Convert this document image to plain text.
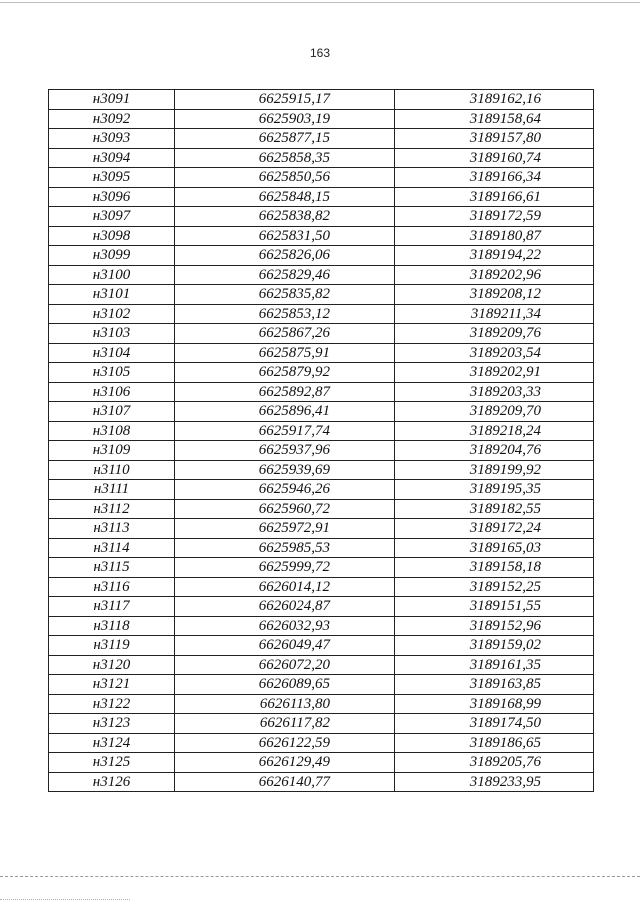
163
н3091	6625915,17	3189162,16
н3092	6625903,19	3189158,64
н3093	6625877,15	3189157,80
н3094	6625858,35	3189160,74
н3095	6625850,56	3189166,34
н3096	6625848,15	3189166,61
н3097	6625838,82	3189172,59
н3098	6625831,50	3189180,87
н3099	6625826,06	3189194,22
н3100	6625829,46	3189202,96
н3101	6625835,82	3189208,12
н3102	6625853,12	3189211,34
н3103	6625867,26	3189209,76
н3104	6625875,91	3189203,54
н3105	6625879,92	3189202,91
н3106	6625892,87	3189203,33
н3107	6625896,41	3189209,70
н3108	6625917,74	3189218,24
н3109	6625937,96	3189204,76
н3110	6625939,69	3189199,92
н3111	6625946,26	3189195,35
н3112	6625960,72	3189182,55
н3113	6625972,91	3189172,24
н3114	6625985,53	3189165,03
н3115	6625999,72	3189158,18
н3116	6626014,12	3189152,25
н3117	6626024,87	3189151,55
н3118	6626032,93	3189152,96
н3119	6626049,47	3189159,02
н3120	6626072,20	3189161,35
н3121	6626089,65	3189163,85
н3122	6626113,80	3189168,99
н3123	6626117,82	3189174,50
н3124	6626122,59	3189186,65
н3125	6626129,49	3189205,76
н3126	6626140,77	3189233,95
